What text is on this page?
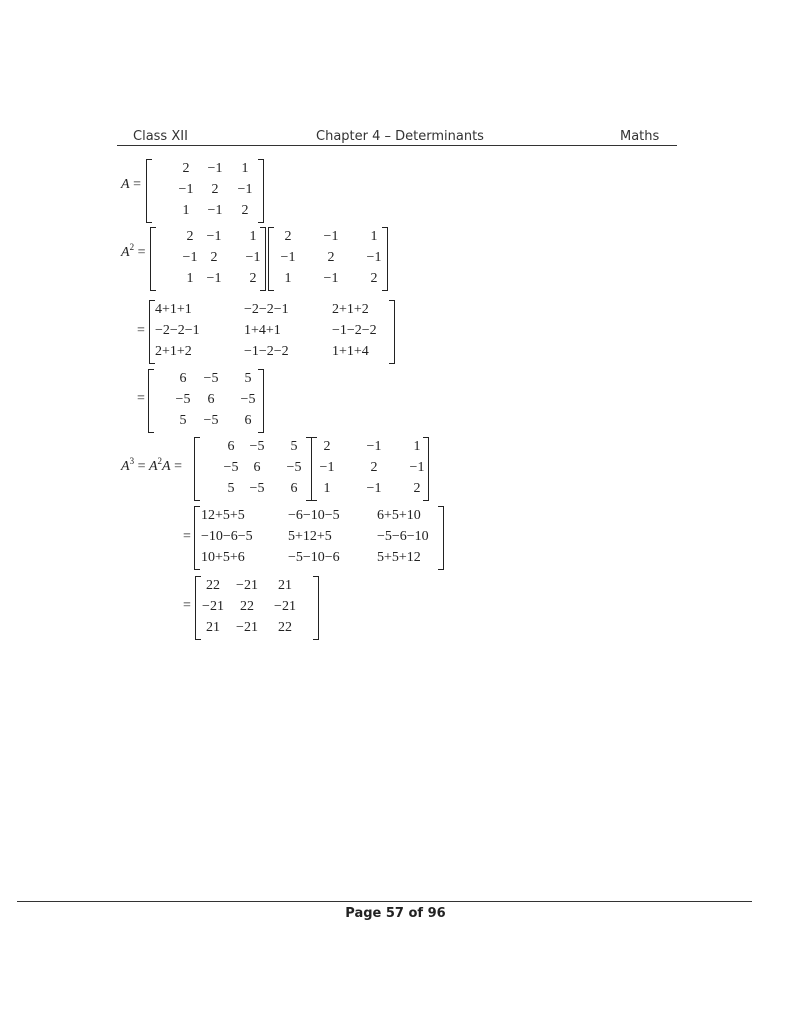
Class XII	Chapter 4 – Determinants	Maths
A =
2	−1	1
−1	2	−1
1	−1	2
$A^2$ =
2 −1	1
−1 2	−1
1 −1	2
2	−1	1
−1	2	−1
1	−1	2
=
4+1+1	−2−2−1	2+1+2
−2−2−1	1+4+1	−1−2−2
2+1+2	−1−2−2	1+1+4
=
6	−5	5
−5	6	−5
5	−5	6
$A^3 = A^2A$ =
6	−5	5
−5	6	−5
5	−5	6
2	−1	1
−1	2	−1
1	−1	2
=
12+5+5	−6−10−5	6+5+10
−10−6−5	5+12+5	−5−6−10
10+5+6	−5−10−6	5+5+12
=
22	−21	21
−21	22	−21
21	−21	22
Page 57 of 96
